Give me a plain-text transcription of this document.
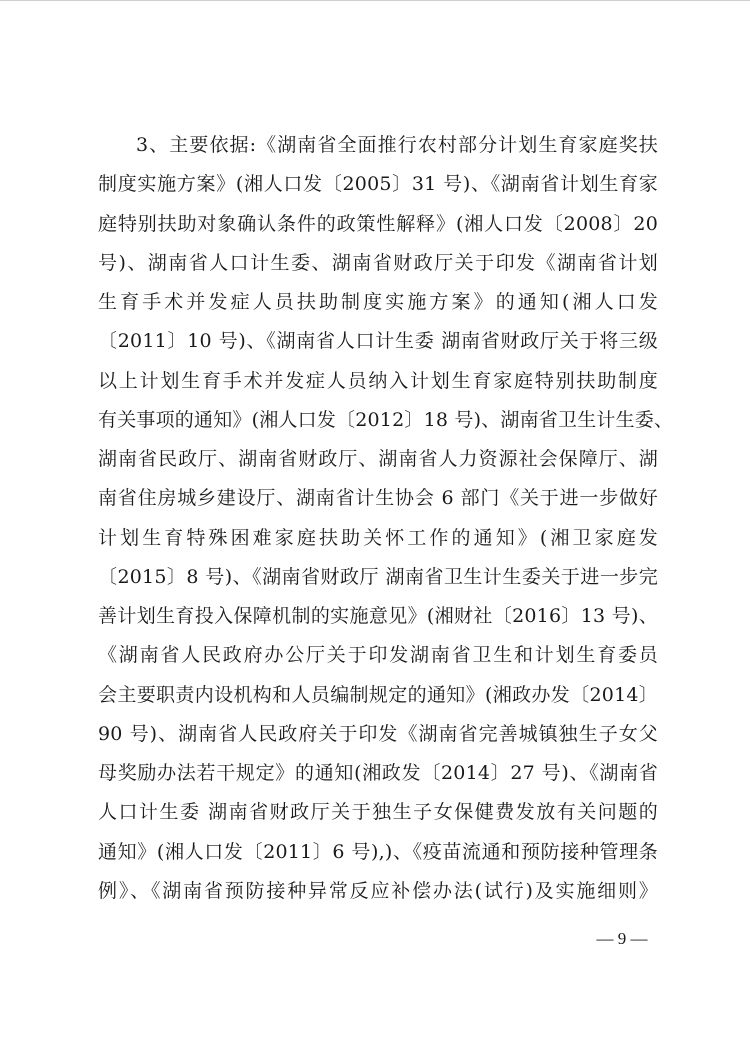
3、主要依据:《湖南省全面推行农村部分计划生育家庭奖扶
制度实施方案》(湘人口发〔2005〕31 号)、《湖南省计划生育家
庭特别扶助对象确认条件的政策性解释》(湘人口发〔2008〕20
号)、湖南省人口计生委、湖南省财政厅关于印发《湖南省计划
生育手术并发症人员扶助制度实施方案》的通知(湘人口发
〔2011〕10 号)、《湖南省人口计生委 湖南省财政厅关于将三级
以上计划生育手术并发症人员纳入计划生育家庭特别扶助制度
有关事项的通知》(湘人口发〔2012〕18 号)、湖南省卫生计生委、
湖南省民政厅、湖南省财政厅、湖南省人力资源社会保障厅、湖
南省住房城乡建设厅、湖南省计生协会 6 部门《关于进一步做好
计划生育特殊困难家庭扶助关怀工作的通知》(湘卫家庭发
〔2015〕8 号)、《湖南省财政厅 湖南省卫生计生委关于进一步完
善计划生育投入保障机制的实施意见》(湘财社〔2016〕13 号)、
《湖南省人民政府办公厅关于印发湖南省卫生和计划生育委员
会主要职责内设机构和人员编制规定的通知》(湘政办发〔2014〕
90 号)、湖南省人民政府关于印发《湖南省完善城镇独生子女父
母奖励办法若干规定》的通知(湘政发〔2014〕27 号)、《湖南省
人口计生委 湖南省财政厅关于独生子女保健费发放有关问题的
通知》(湘人口发〔2011〕6 号),)、《疫苗流通和预防接种管理条
例》、《湖南省预防接种异常反应补偿办法(试行)及实施细则》
— 9 —
